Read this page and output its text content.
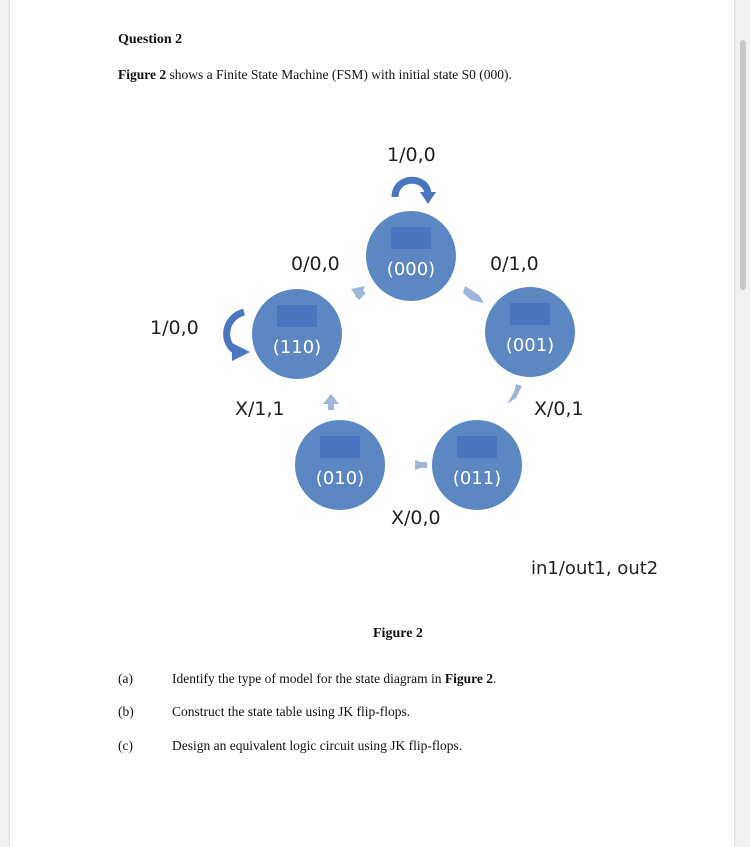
Question 2
Figure 2 shows a Finite State Machine (FSM) with initial state S0 (000).
(000)
(001)
(011)
(010)
(110)
1/0,0
0/1,0
X/0,1
X/0,0
X/1,1
1/0,0
0/0,0
in1/out1, out2
Figure 2
(a)	Identify the type of model for the state diagram in Figure 2.
(b)	Construct the state table using JK flip-flops.
(c)	Design an equivalent logic circuit using JK flip-flops.
